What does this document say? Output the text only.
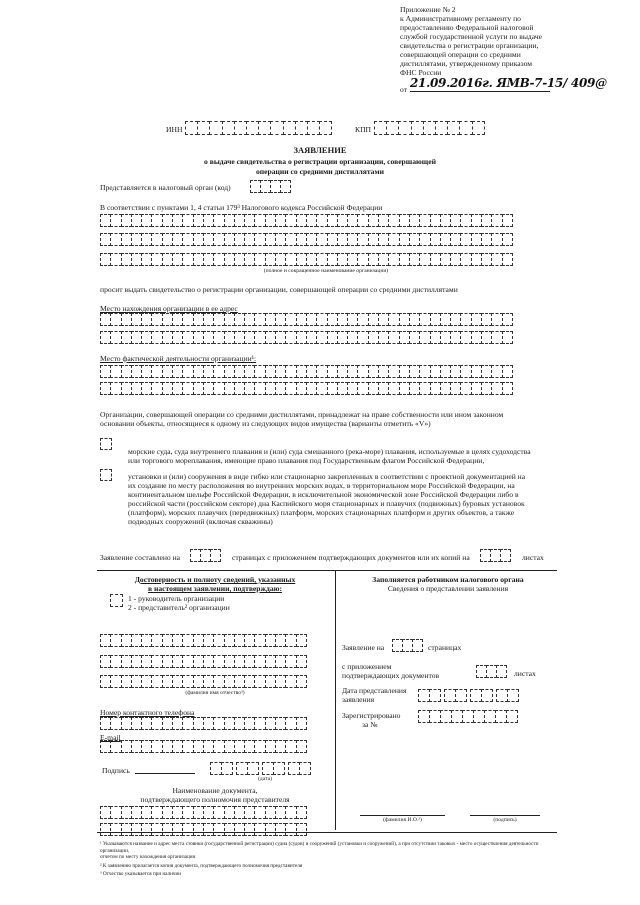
Приложение № 2
к Административному регламенту по
предоставлению Федеральной налоговой
службой государственной услуги по выдаче
свидетельства о регистрации организации,
совершающей операции со средними
дистиллятами, утвержденному приказом
ФНС России
от 21.09.2016г. ЯМВ-7-15/ 409@
ИНН	КПП
ЗАЯВЛЕНИЕ
о выдаче свидетельства о регистрации организации, совершающей
операции со средними дистиллятами
Представляется в налоговый орган (код)
В соответствии с пунктами 1, 4 статьи 179³ Налогового кодекса Российской Федерации
(полное и сокращенное наименование организации)
просит выдать свидетельство о регистрации организации, совершающей операции со средними дистиллятами
Место нахождения организации в ее адрес
Место фактической деятельности организации¹:
Организации, совершающей операции со средними дистиллятами, принадлежат на праве собственности или ином законном
основании объекты, относящиеся к одному из следующих видов имущества (варианты отметить «V»)
морские суда, суда внутреннего плавания и (или) суда смешанного (река-море) плавания, используемые в целях судоходства
или торгового мореплавания, имеющие право плавания под Государственным флагом Российской Федерации,
установки и (или) сооружения в виде гибко или стационарно закрепленных в соответствии с проектной документацией на
их создание по месту расположения во внутренних морских водах, в территориальном море Российской Федерации, на
континентальном шельфе Российской Федерации, в исключительной экономической зоне Российской Федерации либо в
российской части (российском секторе) дна Каспийского моря стационарных и плавучих (подвижных) буровых установок
(платформ), морских плавучих (передвижных) платформ, морских стационарных платформ и других объектов, а также
подводных сооружений (включая скважины)
Заявление составлено на	страницах с приложением подтверждающих документов или их копий на	листах
Достоверность и полноту сведений, указанных
в настоящем заявлении, подтверждаю:
1 - руководитель организации
2 - представитель² организации
(фамилия имя отчество³)
Номер контактного телефона
E-mail
Подпись
(дата)
Наименование документа,
подтверждающего полномочия представителя
Заполняется работником налогового органа
Сведения о представлении заявления
Заявление на	страницах
с приложением
подтверждающих документов	листах
Дата представления
заявления
Зарегистрировано
за №
(фамилия И.О.³)	(подпись)
¹ Указываются название и адрес места стоянки (государственной регистрации) судна (судов) и сооружений (установки и сооружений), а при отсутствии таковых - место осуществления деятельности организации,
отчетом по месту нахождения организации
² К заявлению прилагается копия документа, подтверждающего полномочия представителя
³ Отчество указывается при наличии
